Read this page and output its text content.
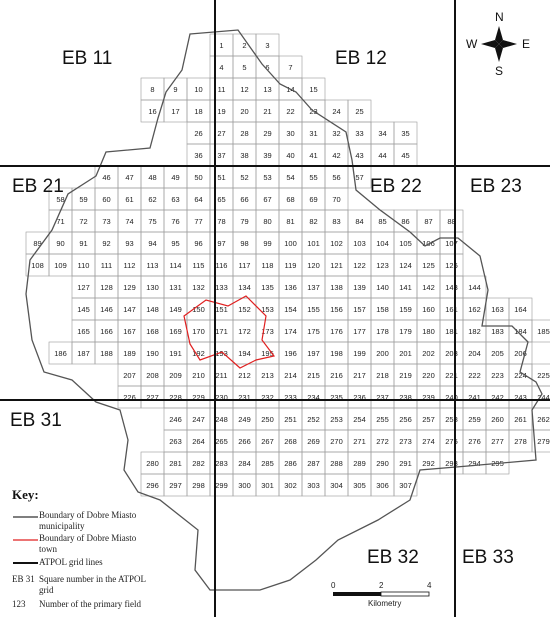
1	2	3
4	5	6	7
8	9 10 11 12 13 14 15
16 17 18 19 20 21 22 23 24 25
26 27 28 29 30 31 32 33 34 35
36 37 38 39 40 41 42 43 44 45
46 47 48 49 50 51 52 53 54 55 56 57
58 59 60 61 62 63 64 65 66 67 68 69 70
71 72 73 74 75 76 77 78 79 80 81 82 83 84 85 86 87 88
89 90 91 92 93 94 95 96 97 98 99 100 101 102 103 104 105 106 107
108 109 110 111 112 113 114 115 116 117 118 119 120 121 122 123 124 125 126
127 128 129 130 131 132 133 134 135 136 137 138 139 140 141 142 143 144
145 146 147 148 149 150 151 152 153 154 155 156 157 158 159 160 161 162 163 164
165 166 167 168 169 170 171 172 173 174 175 176 177 178 179 180 181 182 183 184 185
186 187 188 189 190 191 192 193 194 195 196 197 198 199 200 201 202 203 204 205 206
207 208 209 210 211 212 213 214 215 216 217 218 219 220 221 222 223 224 225
226 227 228 229 230 231 232 233 234 235 236 237 238 239 240 241 242 243 244
246 247 248 249 250 251 252 253 254 255 256 257 258 259 260 261 262
263 264 265 266 267 268 269 270 271 272 273 274 275 276 277 278 279
280 281 282 283 284 285 286 287 288 289 290 291 292 293 294 295
296 297 298 299 300 301 302 303 304 305 306 307
EB 11	EB 12
EB 21	EB 22	EB 23
EB 31
EB 32 EB 33
N
S
W	E
Key:
Boundary of Dobre Miasto
municipality
Boundary of Dobre Miasto
town
ATPOL grid lines
EB 31 Square number in the ATPOL
grid
123 Number of the primary field
0	2	4
Kilometry
